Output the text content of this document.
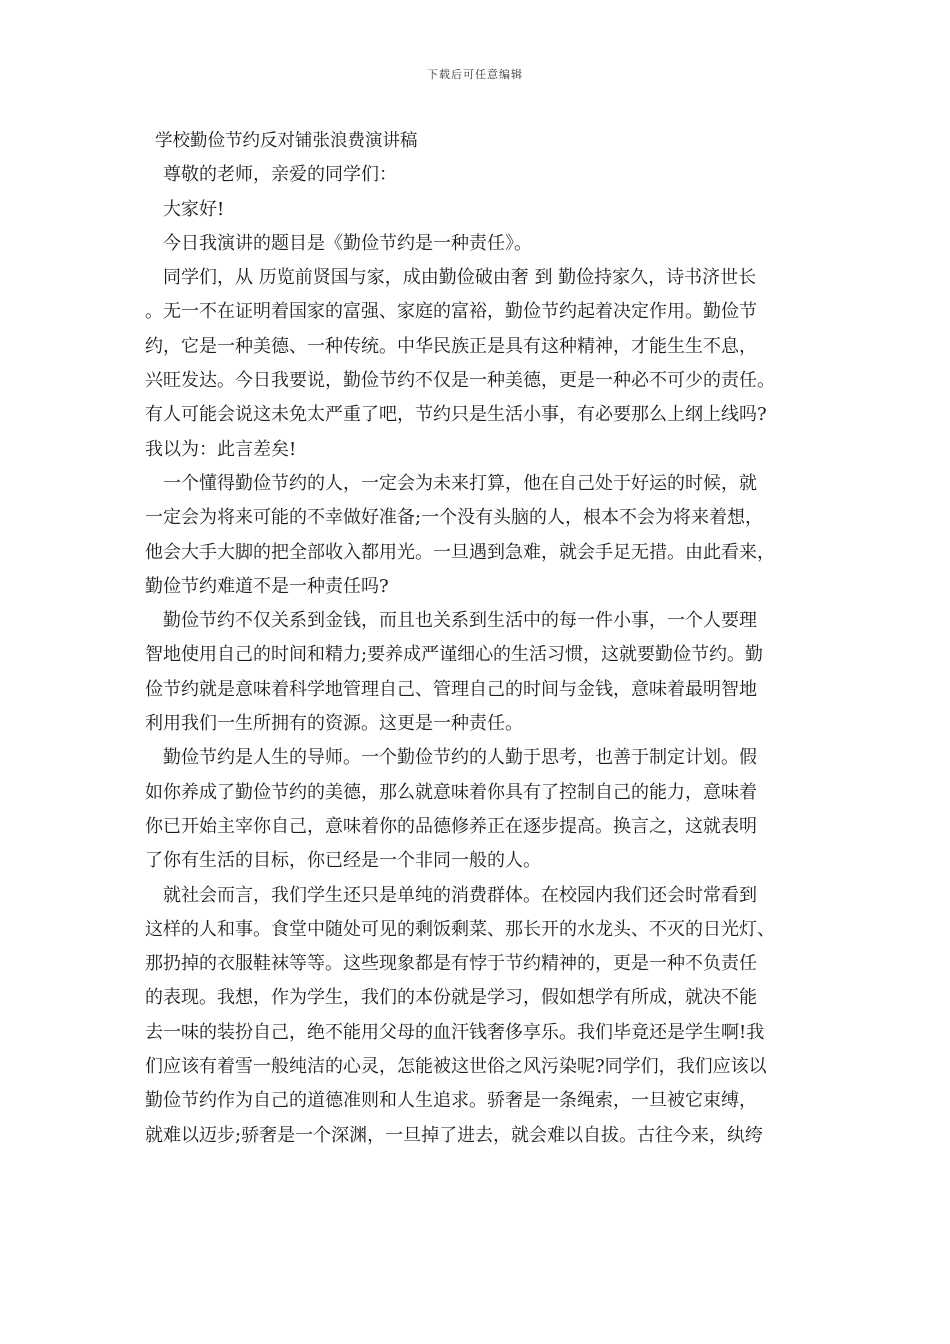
下载后可任意编辑
学校勤俭节约反对铺张浪费演讲稿
尊敬的老师，亲爱的同学们：
大家好!
今日我演讲的题目是《勤俭节约是一种责任》。
同学们，从 历览前贤国与家，成由勤俭破由奢 到 勤俭持家久，诗书济世长
。无一不在证明着国家的富强、家庭的富裕，勤俭节约起着决定作用。勤俭节
约，它是一种美德、一种传统。中华民族正是具有这种精神，才能生生不息，
兴旺发达。今日我要说，勤俭节约不仅是一种美德，更是一种必不可少的责任。
有人可能会说这未免太严重了吧，节约只是生活小事，有必要那么上纲上线吗?
我以为：此言差矣!
一个懂得勤俭节约的人，一定会为未来打算，他在自己处于好运的时候，就
一定会为将来可能的不幸做好准备;一个没有头脑的人，根本不会为将来着想，
他会大手大脚的把全部收入都用光。一旦遇到急难，就会手足无措。由此看来，
勤俭节约难道不是一种责任吗?
勤俭节约不仅关系到金钱，而且也关系到生活中的每一件小事，一个人要理
智地使用自己的时间和精力;要养成严谨细心的生活习惯，这就要勤俭节约。勤
俭节约就是意味着科学地管理自己、管理自己的时间与金钱，意味着最明智地
利用我们一生所拥有的资源。这更是一种责任。
勤俭节约是人生的导师。一个勤俭节约的人勤于思考，也善于制定计划。假
如你养成了勤俭节约的美德，那么就意味着你具有了控制自己的能力，意味着
你已开始主宰你自己，意味着你的品德修养正在逐步提高。换言之，这就表明
了你有生活的目标，你已经是一个非同一般的人。
就社会而言，我们学生还只是单纯的消费群体。在校园内我们还会时常看到
这样的人和事。食堂中随处可见的剩饭剩菜、那长开的水龙头、不灭的日光灯、
那扔掉的衣服鞋袜等等。这些现象都是有悖于节约精神的，更是一种不负责任
的表现。我想，作为学生，我们的本份就是学习，假如想学有所成，就决不能
去一味的装扮自己，绝不能用父母的血汗钱奢侈享乐。我们毕竟还是学生啊!我
们应该有着雪一般纯洁的心灵，怎能被这世俗之风污染呢?同学们，我们应该以
勤俭节约作为自己的道德准则和人生追求。骄奢是一条绳索，一旦被它束缚，
就难以迈步;骄奢是一个深渊，一旦掉了进去，就会难以自拔。古往今来，纨绔
